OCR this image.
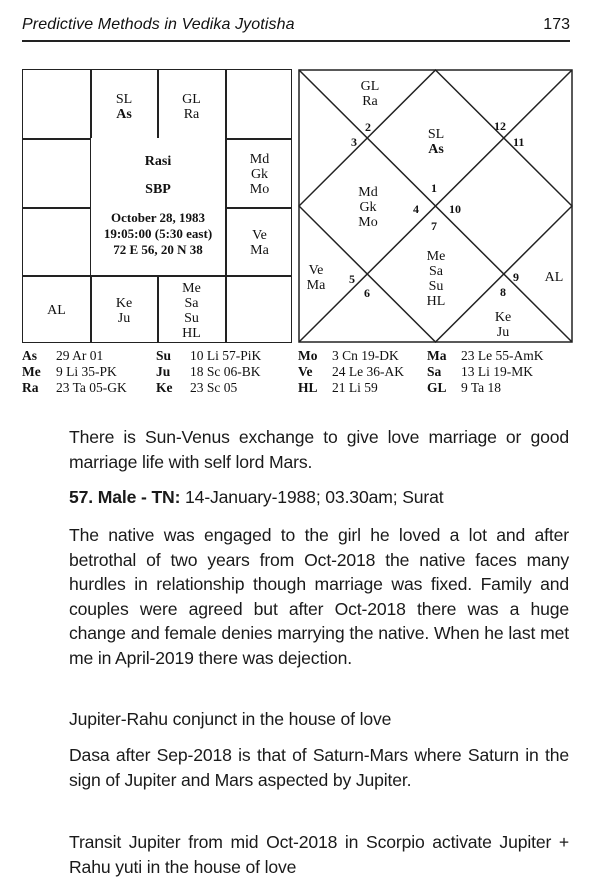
Predictive Methods in Vedika Jyotisha	173
Rasi
SBP
October 28, 1983
19:05:00 (5:30 east)
72 E 56, 20 N 38
SL
As
GL
Ra
Md
Gk
Mo
Ve
Ma
AL	Ke
Ju
Me
Sa
Su
HL
GL
Ra
SL
As
Md
Gk
Mo
Me
Sa
Su
HL
Ve
Ma
AL
Ke
Ju
1
2
3
4
5
6
7
8
9
10
11
12
As 29 Ar 01	Su 10 Li 57-PiK	Mo 3 Cn 19-DK Ma 23 Le 55-AmK
Me 9 Li 35-PK	Ju 18 Sc 06-BK	Ve 24 Le 36-AK Sa 13 Li 19-MK
Ra 23 Ta 05-GK Ke 23 Sc 05	HL 21 Li 59	GL 9 Ta 18
There is Sun-Venus exchange to give love marriage or good marriage life with self lord Mars.
57. Male - TN: 14-January-1988; 03.30am; Surat
The native was engaged to the girl he loved a lot and after betrothal of two years from Oct-2018 the native faces many hurdles in relationship though marriage was fixed. Family and couples were agreed but after Oct-2018 there was a huge change and female denies marrying the native. When he last met me in April-2019 there was dejection.
Jupiter-Rahu conjunct in the house of love
Dasa after Sep-2018 is that of Saturn-Mars where Saturn in the sign of Jupiter and Mars aspected by Jupiter.
Transit Jupiter from mid Oct-2018 in Scorpio activate Jupiter + Rahu yuti in the house of love
